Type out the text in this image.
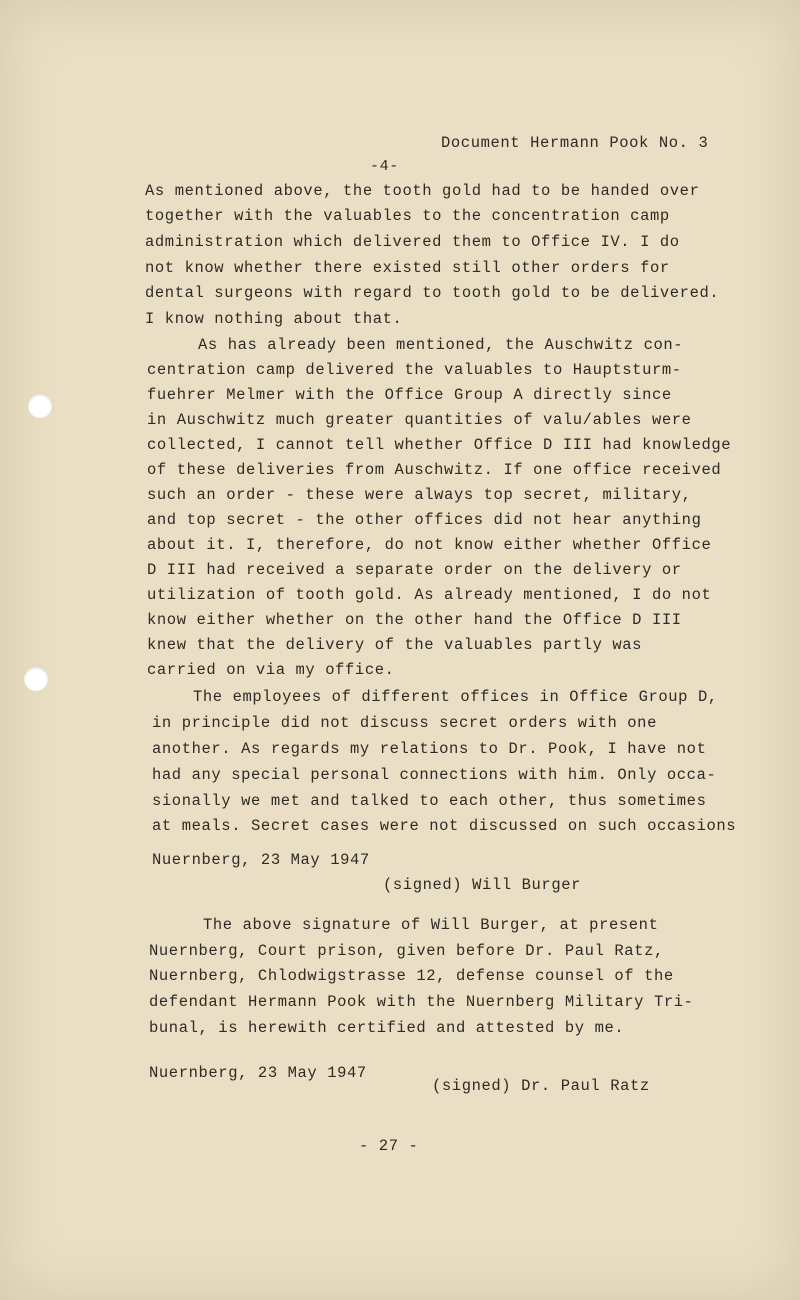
Document Hermann Pook No. 3
-4-
As mentioned above, the tooth gold had to be handed over
together with the valuables to the concentration camp
administration which delivered them to Office IV. I do
not know whether there existed still other orders for
dental surgeons with regard to tooth gold to be delivered.
I know nothing about that.
As has already been mentioned, the Auschwitz con-
centration camp delivered the valuables to Hauptsturm-
fuehrer Melmer with the Office Group A directly since
in Auschwitz much greater quantities of valu/ables were
collected, I cannot tell whether Office D III had knowledge
of these deliveries from Auschwitz. If one office received
such an order - these were always top secret, military,
and top secret - the other offices did not hear anything
about it. I, therefore, do not know either whether Office
D III had received a separate order on the delivery or
utilization of tooth gold. As already mentioned, I do not
know either whether on the other hand the Office D III
knew that the delivery of the valuables partly was
carried on via my office.
The employees of different offices in Office Group D,
in principle did not discuss secret orders with one
another. As regards my relations to Dr. Pook, I have not
had any special personal connections with him. Only occa-
sionally we met and talked to each other, thus sometimes
at meals. Secret cases were not discussed on such occasions
Nuernberg, 23 May 1947
(signed) Will Burger
The above signature of Will Burger, at present
Nuernberg, Court prison, given before Dr. Paul Ratz,
Nuernberg, Chlodwigstrasse 12, defense counsel of the
defendant Hermann Pook with the Nuernberg Military Tri-
bunal, is herewith certified and attested by me.
Nuernberg, 23 May 1947
(signed) Dr. Paul Ratz
- 27 -
